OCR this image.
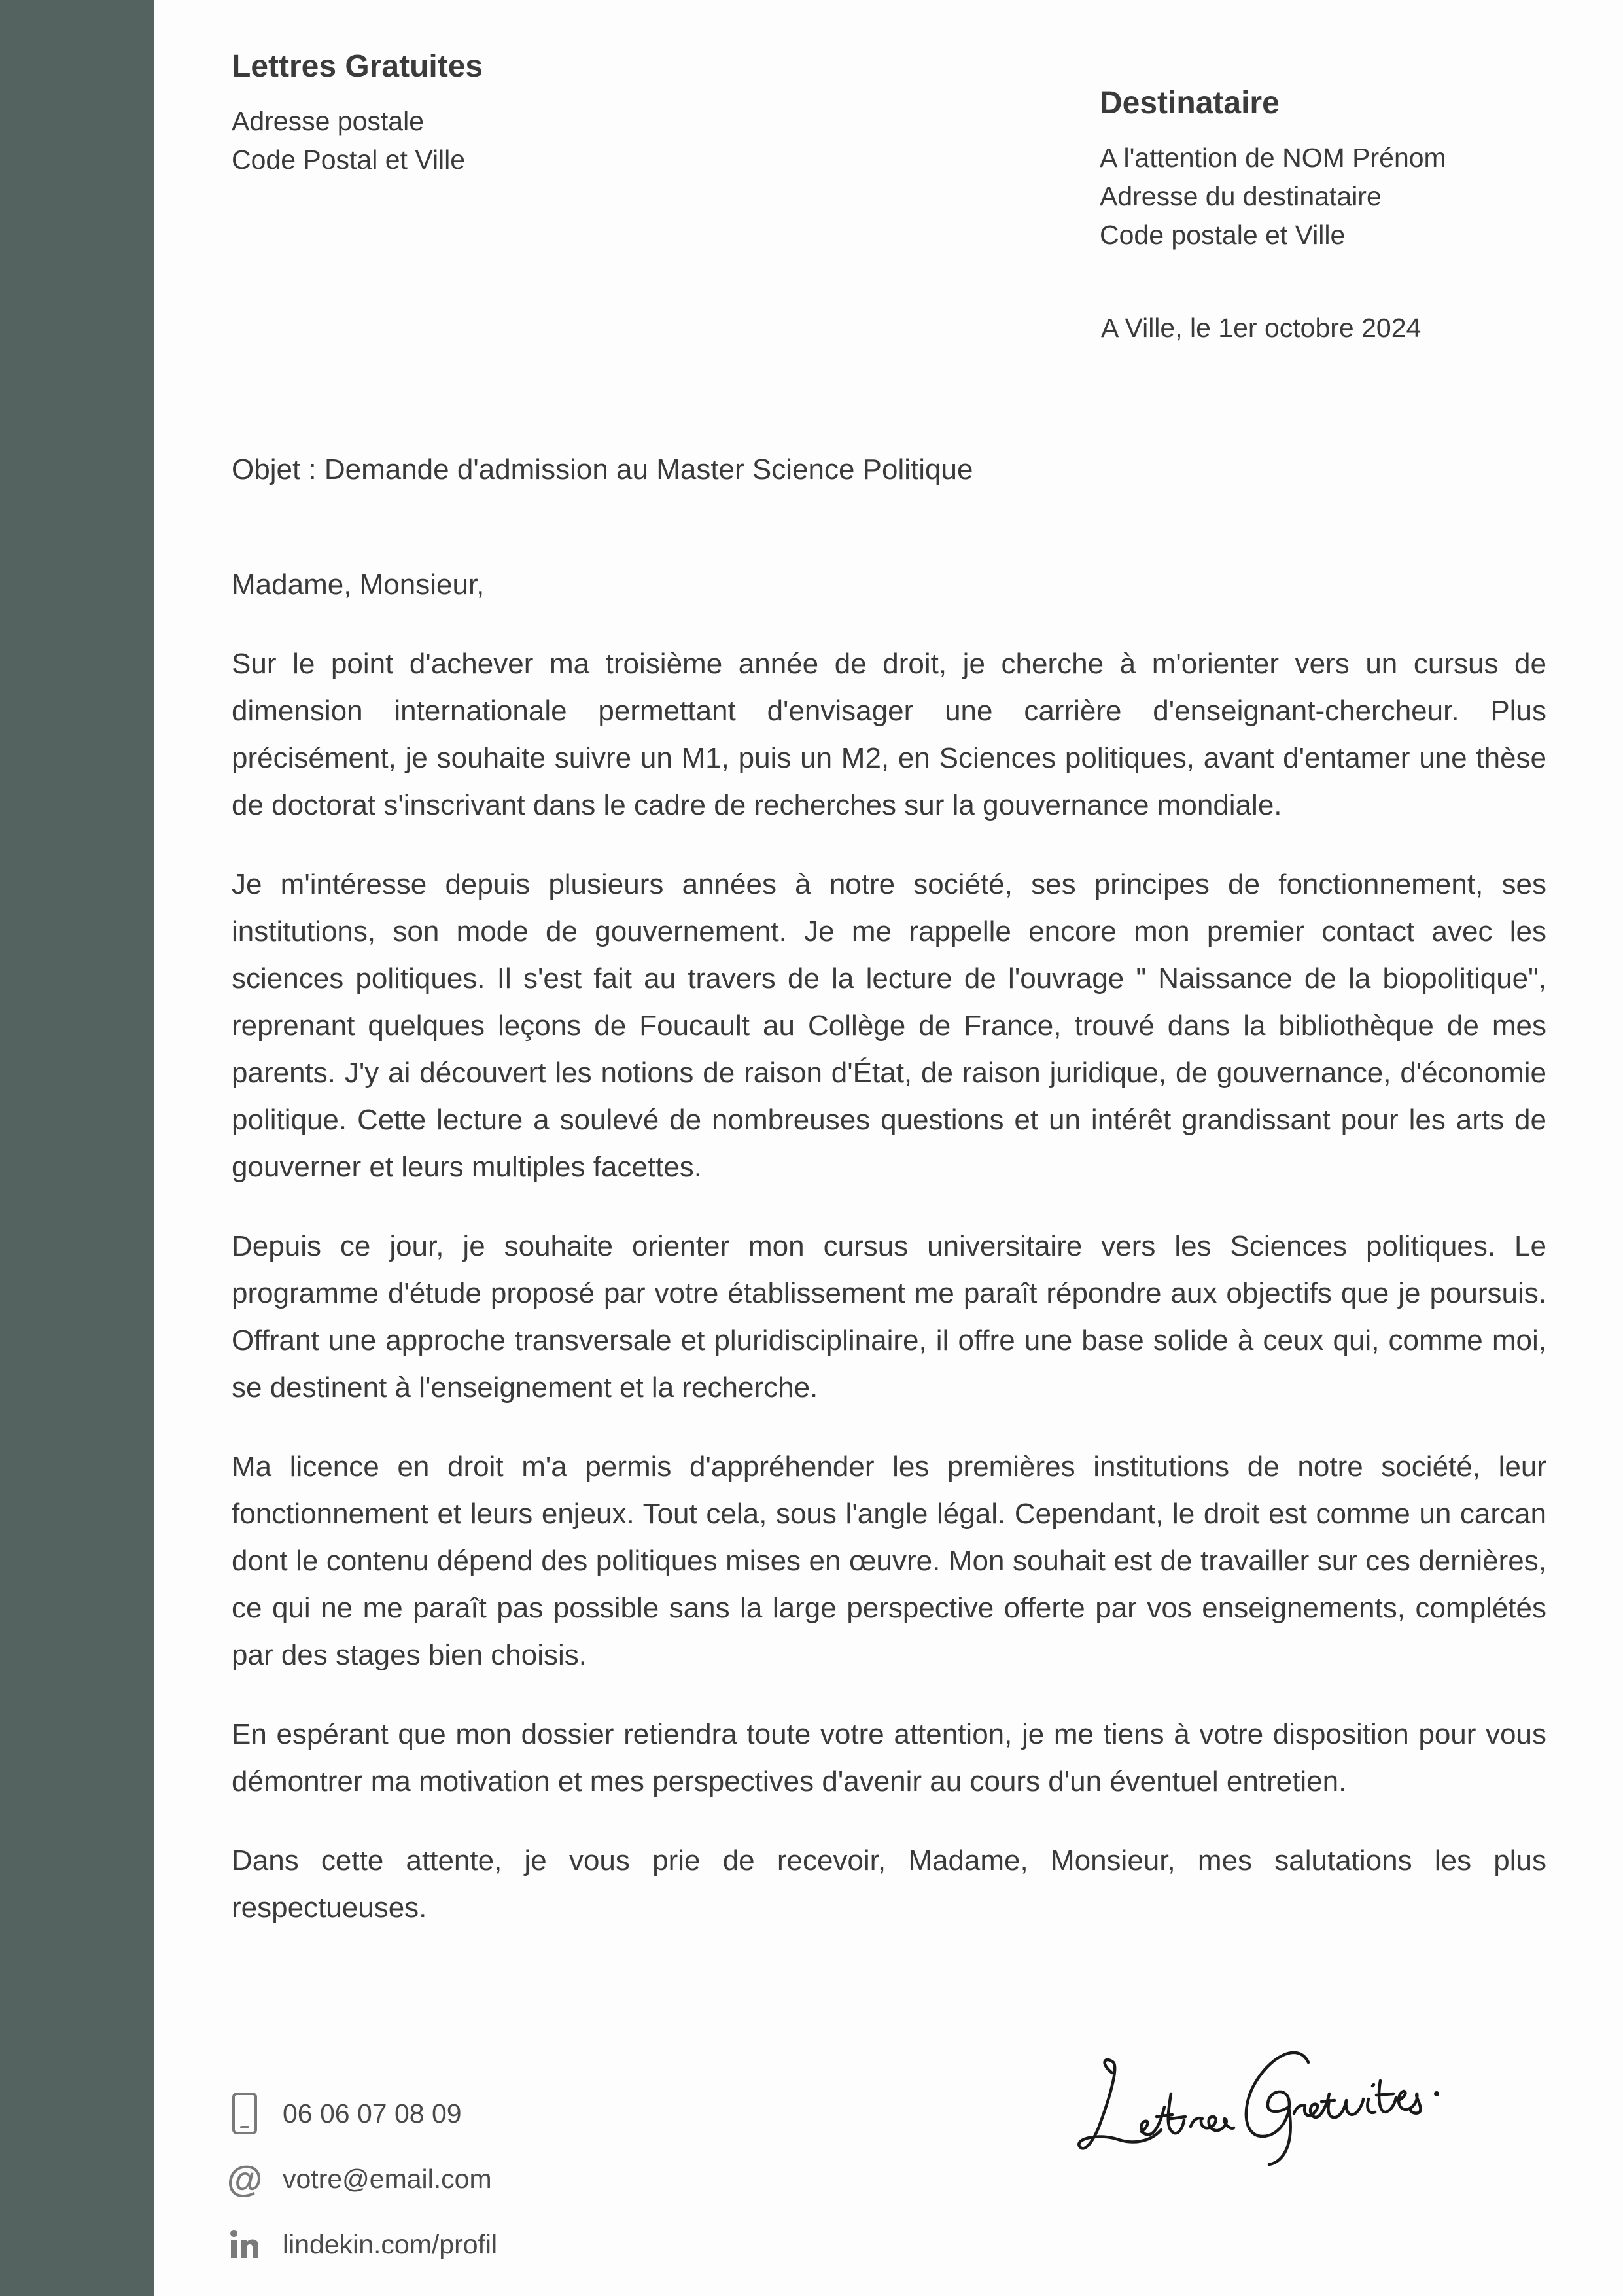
Lettres Gratuites
Adresse postale
Code Postal et Ville
Destinataire
A l'attention de NOM Prénom
Adresse du destinataire
Code postale et Ville
A Ville, le 1er octobre 2024
Objet : Demande d'admission au Master Science Politique
Madame, Monsieur,

Sur le point d'achever ma troisième année de droit, je cherche à m'orienter vers un cursus de dimension internationale permettant d'envisager une carrière d'enseignant-chercheur. Plus précisément, je souhaite suivre un M1, puis un M2, en Sciences politiques, avant d'entamer une thèse de doctorat s'inscrivant dans le cadre de recherches sur la gouvernance mondiale.

Je m'intéresse depuis plusieurs années à notre société, ses principes de fonctionnement, ses institutions, son mode de gouvernement. Je me rappelle encore mon premier contact avec les sciences politiques. Il s'est fait au travers de la lecture de l'ouvrage " Naissance de la biopolitique", reprenant quelques leçons de Foucault au Collège de France, trouvé dans la bibliothèque de mes parents. J'y ai découvert les notions de raison d'État, de raison juridique, de gouvernance, d'économie politique. Cette lecture a soulevé de nombreuses questions et un intérêt grandissant pour les arts de gouverner et leurs multiples facettes.

Depuis ce jour, je souhaite orienter mon cursus universitaire vers les Sciences politiques. Le programme d'étude proposé par votre établissement me paraît répondre aux objectifs que je poursuis. Offrant une approche transversale et pluridisciplinaire, il offre une base solide à ceux qui, comme moi, se destinent à l'enseignement et la recherche.

Ma licence en droit m'a permis d'appréhender les premières institutions de notre société, leur fonctionnement et leurs enjeux. Tout cela, sous l'angle légal. Cependant, le droit est comme un carcan dont le contenu dépend des politiques mises en œuvre. Mon souhait est de travailler sur ces dernières, ce qui ne me paraît pas possible sans la large perspective offerte par vos enseignements, complétés par des stages bien choisis.

En espérant que mon dossier retiendra toute votre attention, je me tiens à votre disposition pour vous démontrer ma motivation et mes perspectives d'avenir au cours d'un éventuel entretien.

Dans cette attente, je vous prie de recevoir, Madame, Monsieur, mes salutations les plus respectueuses.

06 06 07 08 09
@ votre@email.com
lindekin.com/profil
